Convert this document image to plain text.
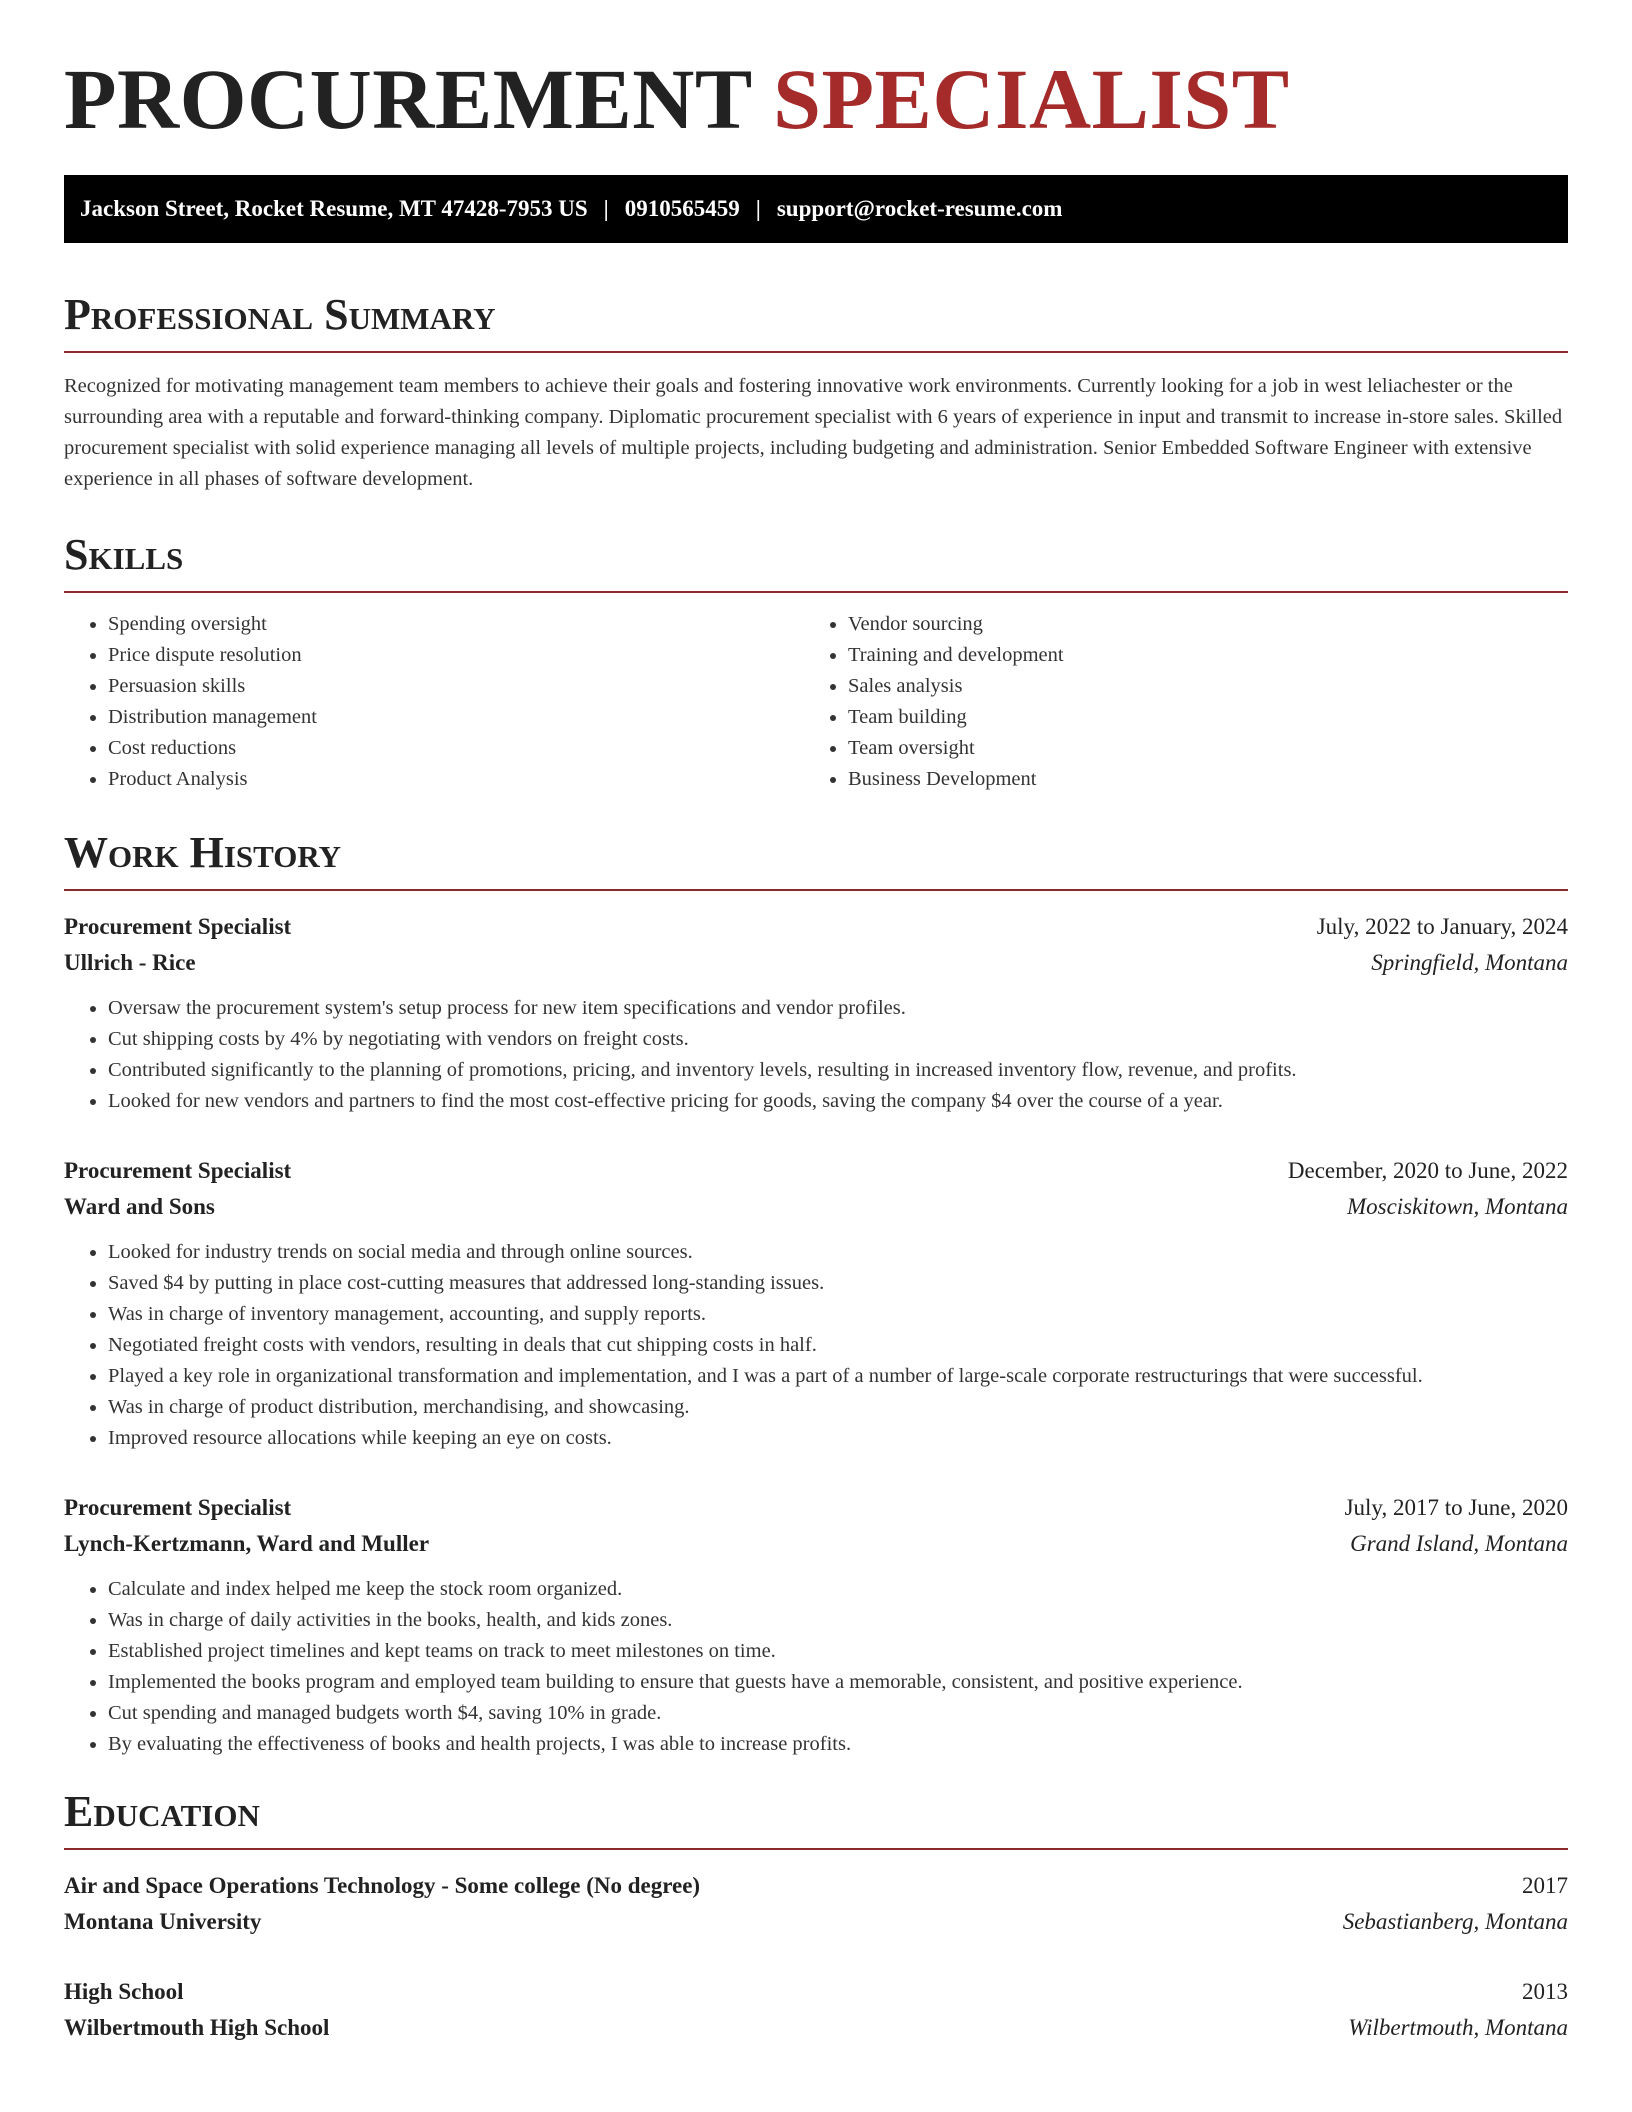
PROCUREMENT SPECIALIST
Jackson Street, Rocket Resume, MT 47428-7953 US | 0910565459 | support@rocket-resume.com
Professional Summary

Recognized for motivating management team members to achieve their goals and fostering innovative work environments. Currently looking for a job in west leliachester or the surrounding area with a reputable and forward-thinking company. Diplomatic procurement specialist with 6 years of experience in input and transmit to increase in-store sales. Skilled procurement specialist with solid experience managing all levels of multiple projects, including budgeting and administration. Senior Embedded Software Engineer with extensive experience in all phases of software development.

Skills
• Spending oversight
• Price dispute resolution
• Persuasion skills
• Distribution management
• Cost reductions
• Product Analysis
• Vendor sourcing
• Training and development
• Sales analysis
• Team building
• Team oversight
• Business Development
Work History
Procurement Specialist	July, 2022 to January, 2024
Ullrich - Rice	Springfield, Montana
• Oversaw the procurement system's setup process for new item specifications and vendor profiles.
• Cut shipping costs by 4% by negotiating with vendors on freight costs.
• Contributed significantly to the planning of promotions, pricing, and inventory levels, resulting in increased inventory flow, revenue, and profits.
• Looked for new vendors and partners to find the most cost-effective pricing for goods, saving the company $4 over the course of a year.
Procurement Specialist	December, 2020 to June, 2022
Ward and Sons	Mosciskitown, Montana
• Looked for industry trends on social media and through online sources.
• Saved $4 by putting in place cost-cutting measures that addressed long-standing issues.
• Was in charge of inventory management, accounting, and supply reports.
• Negotiated freight costs with vendors, resulting in deals that cut shipping costs in half.
• Played a key role in organizational transformation and implementation, and I was a part of a number of large-scale corporate restructurings that were successful.
• Was in charge of product distribution, merchandising, and showcasing.
• Improved resource allocations while keeping an eye on costs.
Procurement Specialist	July, 2017 to June, 2020
Lynch-Kertzmann, Ward and Muller	Grand Island, Montana
• Calculate and index helped me keep the stock room organized.
• Was in charge of daily activities in the books, health, and kids zones.
• Established project timelines and kept teams on track to meet milestones on time.
• Implemented the books program and employed team building to ensure that guests have a memorable, consistent, and positive experience.
• Cut spending and managed budgets worth $4, saving 10% in grade.
• By evaluating the effectiveness of books and health projects, I was able to increase profits.
Education
Air and Space Operations Technology - Some college (No degree)	2017
Montana University	Sebastianberg, Montana
High School	2013
Wilbertmouth High School	Wilbertmouth, Montana
